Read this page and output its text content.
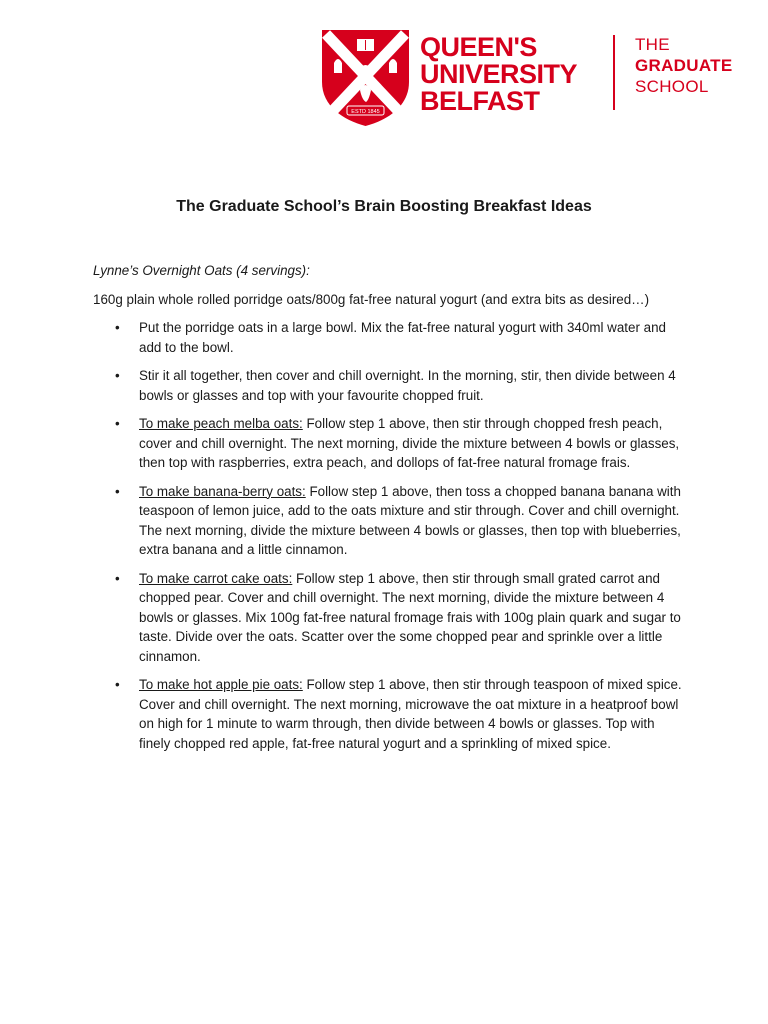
ESTD 1845
QUEEN'S
UNIVERSITY
BELFAST
THE
GRADUATE
SCHOOL
The Graduate School’s Brain Boosting Breakfast Ideas

Lynne’s Overnight Oats (4 servings):

160g plain whole rolled porridge oats/800g fat-free natural yogurt (and extra bits as desired…)

• Put the porridge oats in a large bowl. Mix the fat-free natural yogurt with 340ml water and add to the bowl.
• Stir it all together, then cover and chill overnight. In the morning, stir, then divide between 4 bowls or glasses and top with your favourite chopped fruit.
• To make peach melba oats: Follow step 1 above, then stir through chopped fresh peach, cover and chill overnight. The next morning, divide the mixture between 4 bowls or glasses, then top with raspberries, extra peach, and dollops of fat-free natural fromage frais.
• To make banana-berry oats: Follow step 1 above, then toss a chopped banana banana with teaspoon of lemon juice, add to the oats mixture and stir through. Cover and chill overnight. The next morning, divide the mixture between 4 bowls or glasses, then top with blueberries, extra banana and a little cinnamon.
• To make carrot cake oats: Follow step 1 above, then stir through small grated carrot and chopped pear. Cover and chill overnight. The next morning, divide the mixture between 4 bowls or glasses. Mix 100g fat-free natural fromage frais with 100g plain quark and sugar to taste. Divide over the oats. Scatter over the some chopped pear and sprinkle over a little cinnamon.
• To make hot apple pie oats: Follow step 1 above, then stir through teaspoon of mixed spice. Cover and chill overnight. The next morning, microwave the oat mixture in a heatproof bowl on high for 1 minute to warm through, then divide between 4 bowls or glasses. Top with finely chopped red apple, fat-free natural yogurt and a sprinkling of mixed spice.
